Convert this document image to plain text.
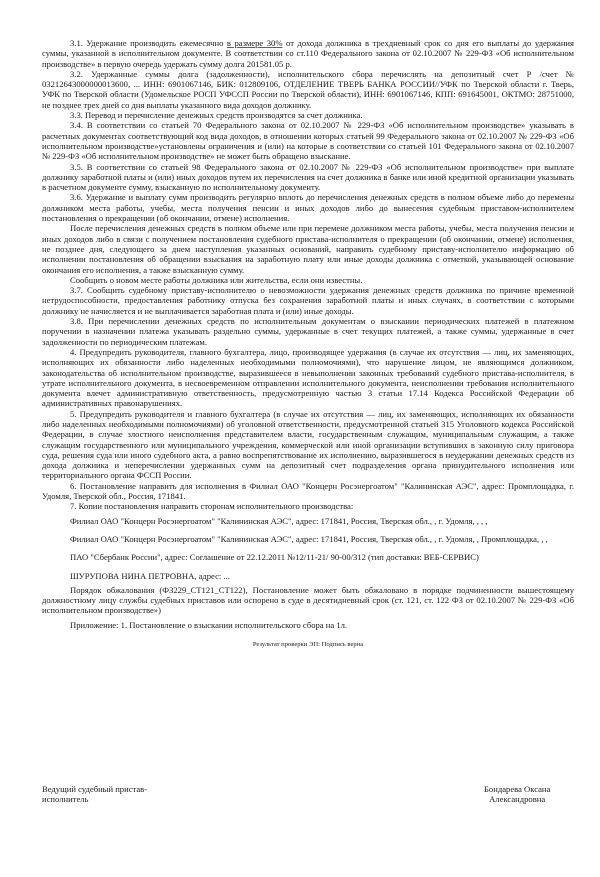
3.1. Удержание производить ежемесячно в размере 30% от дохода должника в трехдневный срок со дня его выплаты до удержания суммы, указанной в исполнительном документе. В соответствии со ст.110 Федерального закона от 02.10.2007 № 229-ФЗ «Об исполнительном производстве» в первую очередь удержать сумму долга 201581.05 р.

3.2. Удержанные суммы долга (задолженности), исполнительского сбора перечислять на депозитный счет Р /счет № 03212643000000013600, ... ИНН: 6901067146, БИК: 012809106, ОТДЕЛЕНИЕ ТВЕРЬ БАНКА РОССИИ//УФК по Тверской области г. Тверь, УФК по Тверской области (Удомельское РОСП УФССП России по Тверской области), ИНН: 6901067146, КПП: 691645001, ОКТМО: 28751000, не позднее трех дней со дня выплаты указанного вида доходов должнику.

3.3. Перевод и перечисление денежных средств производятся за счет должника.

3.4. В соответствии со статьей 70 Федерального закона от 02.10.2007 № 229-ФЗ «Об исполнительном производстве» указывать в расчетных документах соответствующий код вида доходов, в отношении которых статьей 99 Федерального закона от 02.10.2007 № 229-ФЗ «Об исполнительном производстве»установлены ограничения и (или) на которые в соответствии со статьей 101 Федерального закона от 02.10.2007 № 229-ФЗ «Об исполнительном производстве» не может быть обращено взыскание.

3.5. В соответствии со статьей 98 Федерального закона от 02.10.2007 № 229-ФЗ «Об исполнительном производстве» при выплате должнику заработной платы и (или) иных доходов путем их перечисления на счет должника в банке или иной кредитной организации указывать в расчетном документе сумму, взысканную по исполнительному документу.

3.6. Удержание и выплату сумм производить регулярно вплоть до перечисления денежных средств в полном объеме либо до перемены должником места работы, учебы, места получения пенсии и иных доходов либо до вынесения судебным приставом-исполнителем постановления о прекращении (об окончании, отмене) исполнения.

После перечисления денежных средств в полном объеме или при перемене должником места работы, учебы, места получения пенсии и иных доходов либо в связи с получением постановления судебного пристава-исполнителя о прекращении (об окончании, отмене) исполнения, не позднее дня, следующего за днем наступления указанных оснований, направить судебному приставу-исполнителю информацию об исполнении постановления об обращении взыскания на заработную плату или иные доходы должника с отметкой, указывающей основание окончания его исполнения, а также взысканную сумму.

Сообщить о новом месте работы должника или жительства, если они известны.

3.7. Сообщить судебному приставу-исполнителю о невозможности удержания денежных средств должника по причине временной нетрудоспособности, предоставления работнику отпуска без сохранения заработной платы и иных случаях, в соответствии с которыми должнику не начисляется и не выплачивается заработная плата и (или) иные доходы.

3.8. При перечислении денежных средств по исполнительным документам о взыскании периодических платежей в платежном поручении в назначении платежа указывать раздельно суммы, удержанные в счет текущих платежей, а также суммы, удержанные в счет задолженности по периодическим платежам.

4. Предупредить руководителя, главного бухгалтера, лицо, производящее удержания (в случае их отсутствия — лиц, их заменяющих, исполняющих их обязанности либо наделенных необходимыми полномочиями), что нарушение лицом, не являющимся должником, законодательства об исполнительном производстве, выразившееся в невыполнении законных требований судебного пристава-исполнителя, в утрате исполнительного документа, в несвоевременном отправлении исполнительного документа, неисполнении требования исполнительного документа влечет административную ответственность, предусмотренную частью 3 статьи 17.14 Кодекса Российской Федерации об административных правонарушениях.

5. Предупредить руководителя и главного бухгалтера (в случае их отсутствия — лиц, их заменяющих, исполняющих их обязанности либо наделенных необходимыми полномочиями) об уголовной ответственности, предусмотренной статьей 315 Уголовного кодекса Российской Федерации, в случае злостного неисполнения представителем власти, государственным служащим, муниципальным служащим, а также служащим государственного или муниципального учреждения, коммерческой или иной организации вступивших в законную силу приговора суда, решения суда или иного судебного акта, а равно воспрепятствование их исполнению, выразившегося в неудержании денежных средств из дохода должника и неперечислении удержанных сумм на депозитный счет подразделения органа принудительного исполнения или территориального органа ФССП России.

6. Постановление направить для исполнения в Филиал ОАО "Концерн Росэнергоатом" "Калининская АЭС", адрес: Промплощадка, г. Удомля, Тверской обл., Россия, 171841.

7. Копии постановления направить сторонам исполнительного производства:

Филиал ОАО "Концерн Росэнергоатом" "Калининская АЭС", адрес: 171841, Россия, Тверская обл., , г. Удомля, , , ,

Филиал ОАО "Концерн Росэнергоатом" "Калининская АЭС", адрес: 171841, Россия, Тверская обл., , г. Удомля, , Промплощадка, , ,

ПАО "Сбербанк России", адрес: Соглашение от 22.12.2011 №12/11-21/ 90-00/312 (тип доставки: ВЕБ-СЕРВИС)

ШУРУПОВА НИНА ПЕТРОВНА, адрес: ...

Порядок обжалования (ФЗ229_СТ121_СТ122), Постановление может быть обжаловано в порядке подчиненности вышестоящему должностному лицу службы судебных приставов или оспорено в суде в десятидневный срок (ст. 121, ст. 122 ФЗ от 02.10.2007 № 229-ФЗ «Об исполнительном производстве»)

Приложение: 1. Постановление о взыскании исполнительского сбора на 1л.

Результат проверки ЭП: Подпись верна

Ведущий судебный пристав-
исполнитель
Бондарева Оксана
Александровна
